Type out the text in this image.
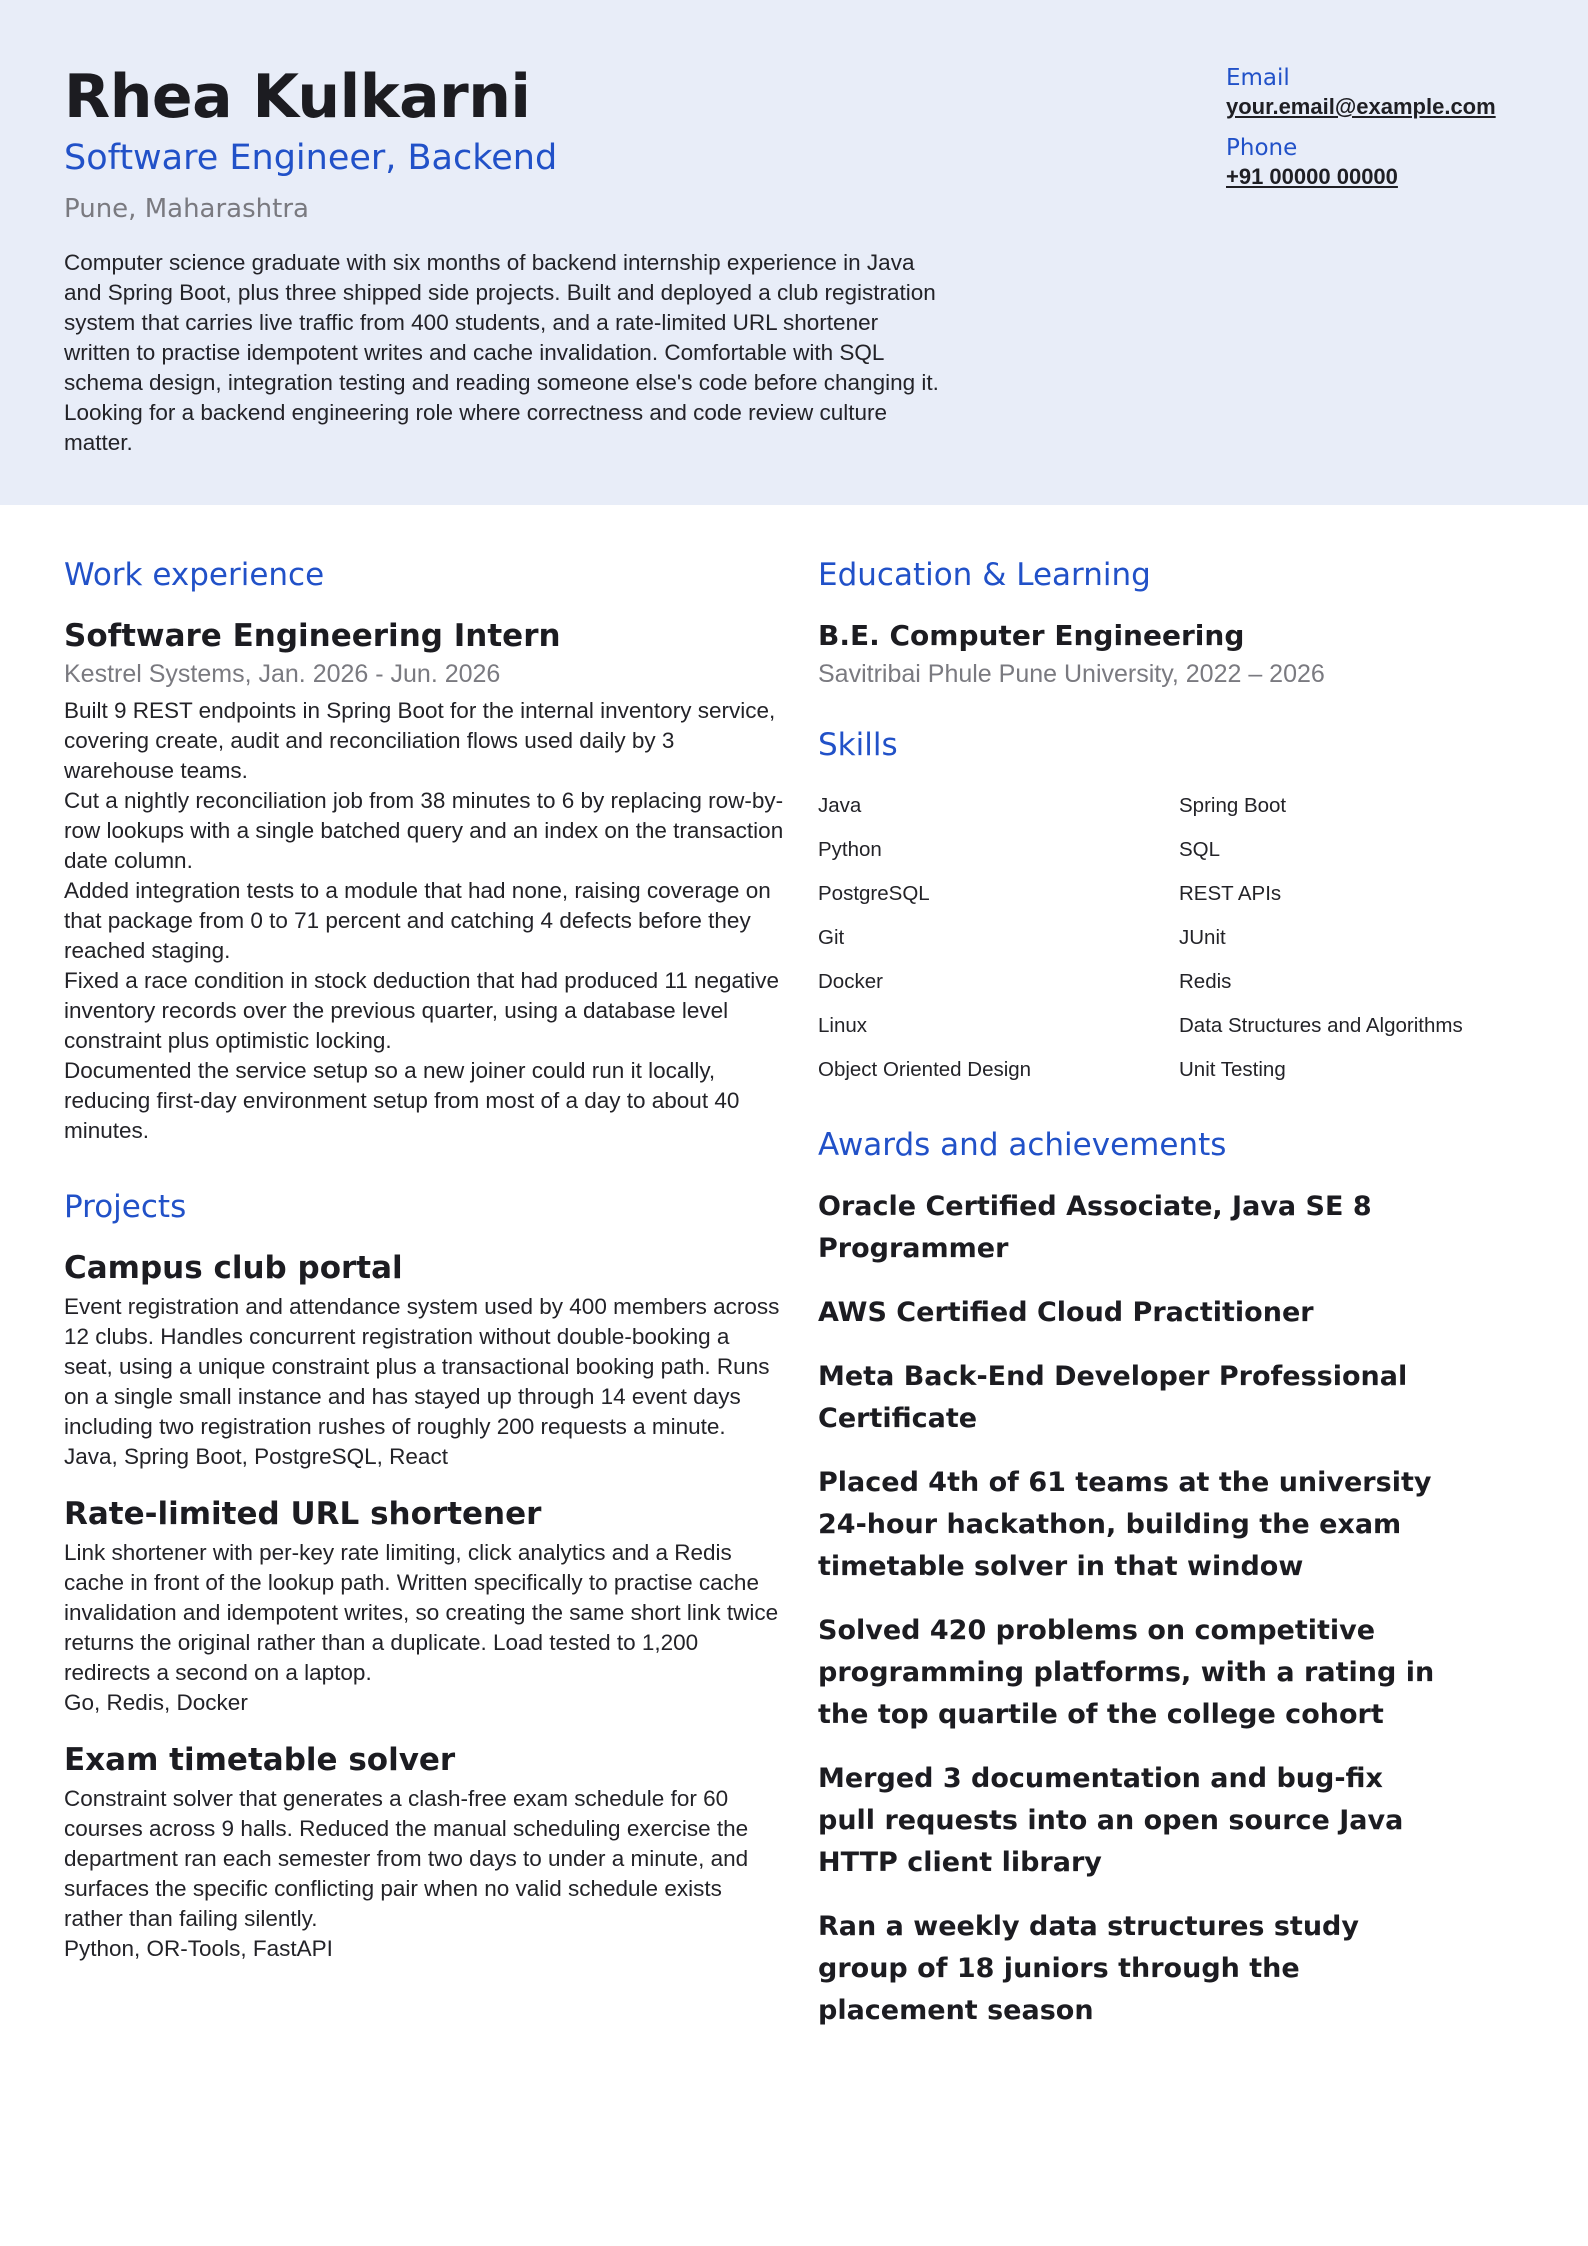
Rhea Kulkarni
Software Engineer, Backend
Pune, Maharashtra
Computer science graduate with six months of backend internship experience in Java and Spring Boot, plus three shipped side projects. Built and deployed a club registration system that carries live traffic from 400 students, and a rate-limited URL shortener written to practise idempotent writes and cache invalidation. Comfortable with SQL schema design, integration testing and reading someone else's code before changing it. Looking for a backend engineering role where correctness and code review culture matter.
Email
your.email@example.com
Phone
+91 00000 00000
Work experience
Software Engineering Intern
Kestrel Systems, Jan. 2026 - Jun. 2026
Built 9 REST endpoints in Spring Boot for the internal inventory service, covering create, audit and reconciliation flows used daily by 3 warehouse teams.
Cut a nightly reconciliation job from 38 minutes to 6 by replacing row-by-row lookups with a single batched query and an index on the transaction date column.
Added integration tests to a module that had none, raising coverage on that package from 0 to 71 percent and catching 4 defects before they reached staging.
Fixed a race condition in stock deduction that had produced 11 negative inventory records over the previous quarter, using a database level constraint plus optimistic locking.
Documented the service setup so a new joiner could run it locally, reducing first-day environment setup from most of a day to about 40 minutes.
Projects
Campus club portal
Event registration and attendance system used by 400 members across 12 clubs. Handles concurrent registration without double-booking a seat, using a unique constraint plus a transactional booking path. Runs on a single small instance and has stayed up through 14 event days including two registration rushes of roughly 200 requests a minute.
Java, Spring Boot, PostgreSQL, React
Rate-limited URL shortener
Link shortener with per-key rate limiting, click analytics and a Redis cache in front of the lookup path. Written specifically to practise cache invalidation and idempotent writes, so creating the same short link twice returns the original rather than a duplicate. Load tested to 1,200 redirects a second on a laptop.
Go, Redis, Docker
Exam timetable solver
Constraint solver that generates a clash-free exam schedule for 60 courses across 9 halls. Reduced the manual scheduling exercise the department ran each semester from two days to under a minute, and surfaces the specific conflicting pair when no valid schedule exists rather than failing silently.
Python, OR-Tools, FastAPI
Education & Learning
B.E. Computer Engineering
Savitribai Phule Pune University, 2022 – 2026
Skills
Java	Spring Boot
Python	SQL
PostgreSQL	REST APIs
Git	JUnit
Docker	Redis
Linux	Data Structures and Algorithms
Object Oriented Design	Unit Testing
Awards and achievements
Oracle Certified Associate, Java SE 8 Programmer
AWS Certified Cloud Practitioner
Meta Back-End Developer Professional Certificate
Placed 4th of 61 teams at the university 24-hour hackathon, building the exam timetable solver in that window
Solved 420 problems on competitive programming platforms, with a rating in the top quartile of the college cohort
Merged 3 documentation and bug-fix pull requests into an open source Java HTTP client library
Ran a weekly data structures study group of 18 juniors through the placement season
